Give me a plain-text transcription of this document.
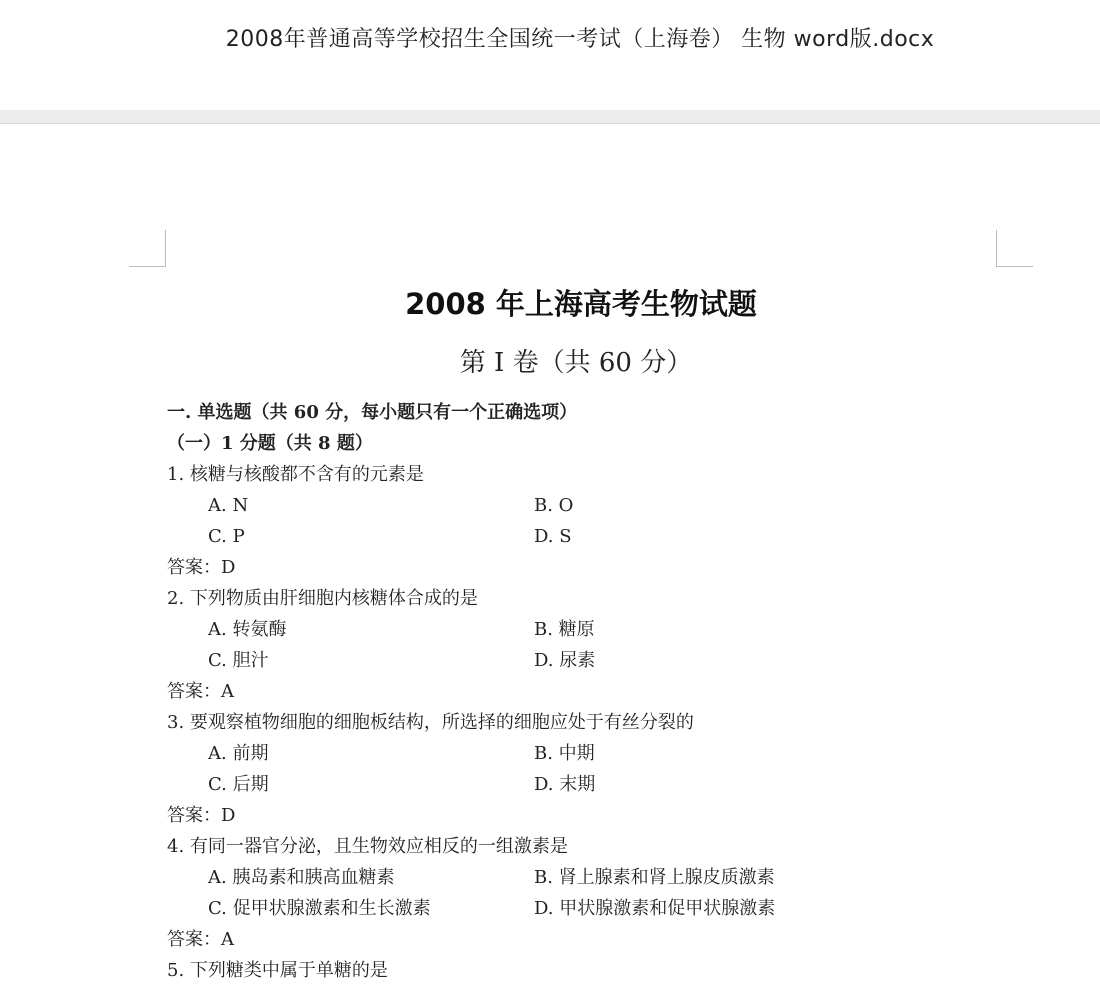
2008年普通高等学校招生全国统一考试（上海卷） 生物 word版.docx
2008 年上海高考生物试题
第 I 卷（共 60 分）
一. 单选题（共 60 分，每小题只有一个正确选项）
（一）1 分题（共 8 题）
1. 核糖与核酸都不含有的元素是
A. N	B. O
C. P	D. S
答案：D
2. 下列物质由肝细胞内核糖体合成的是
A. 转氨酶	B. 糖原
C. 胆汁	D. 尿素
答案：A
3. 要观察植物细胞的细胞板结构，所选择的细胞应处于有丝分裂的
A. 前期	B. 中期
C. 后期	D. 末期
答案：D
4. 有同一器官分泌，且生物效应相反的一组激素是
A. 胰岛素和胰高血糖素	B. 肾上腺素和肾上腺皮质激素
C. 促甲状腺激素和生长激素	D. 甲状腺激素和促甲状腺激素
答案：A
5. 下列糖类中属于单糖的是
